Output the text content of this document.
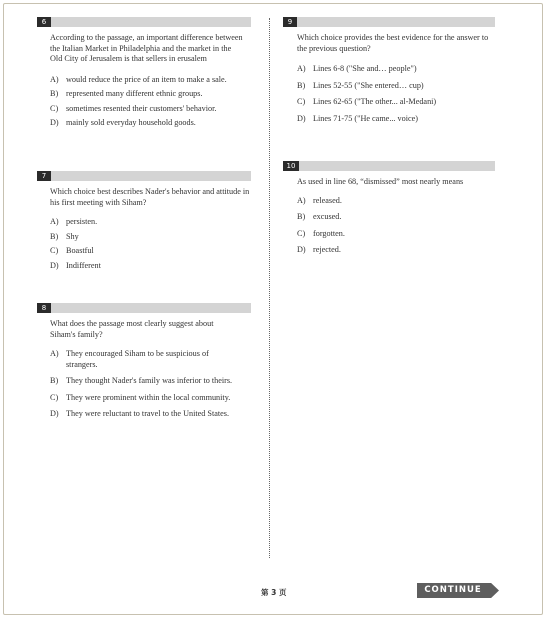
6
According to the passage, an important difference between the Italian Market in Philadelphia and the market in the Old City of Jerusalem is that sellers in erusalem
A) would reduce the price of an item to make a sale.
B) represented many different ethnic groups.
C) sometimes resented their customers' behavior.
D) mainly sold everyday household goods.
7
Which choice best describes Nader's behavior and attitude in his first meeting with Siham?
A) persisten.
B) Shy
C) Boastful
D) Indifferent
8
What does the passage most clearly suggest about Siham's family?
A) They encouraged Siham to be suspicious of strangers.
B) They thought Nader's family was inferior to theirs.
C) They were prominent within the local community.
D) They were reluctant to travel to the United States.
9
Which choice provides the best evidence for the answer to the previous question?
A) Lines 6-8 ("She and… people")
B) Lines 52-55 ("She entered… cup)
C) Lines 62-65 ("The other... al-Medani)
D) Lines 71-75 ("He came... voice)
10
As used in line 68, “dismissed” most nearly means
A) released.
B) excused.
C) forgotten.
D) rejected.
第 3 页	CONTINUE
